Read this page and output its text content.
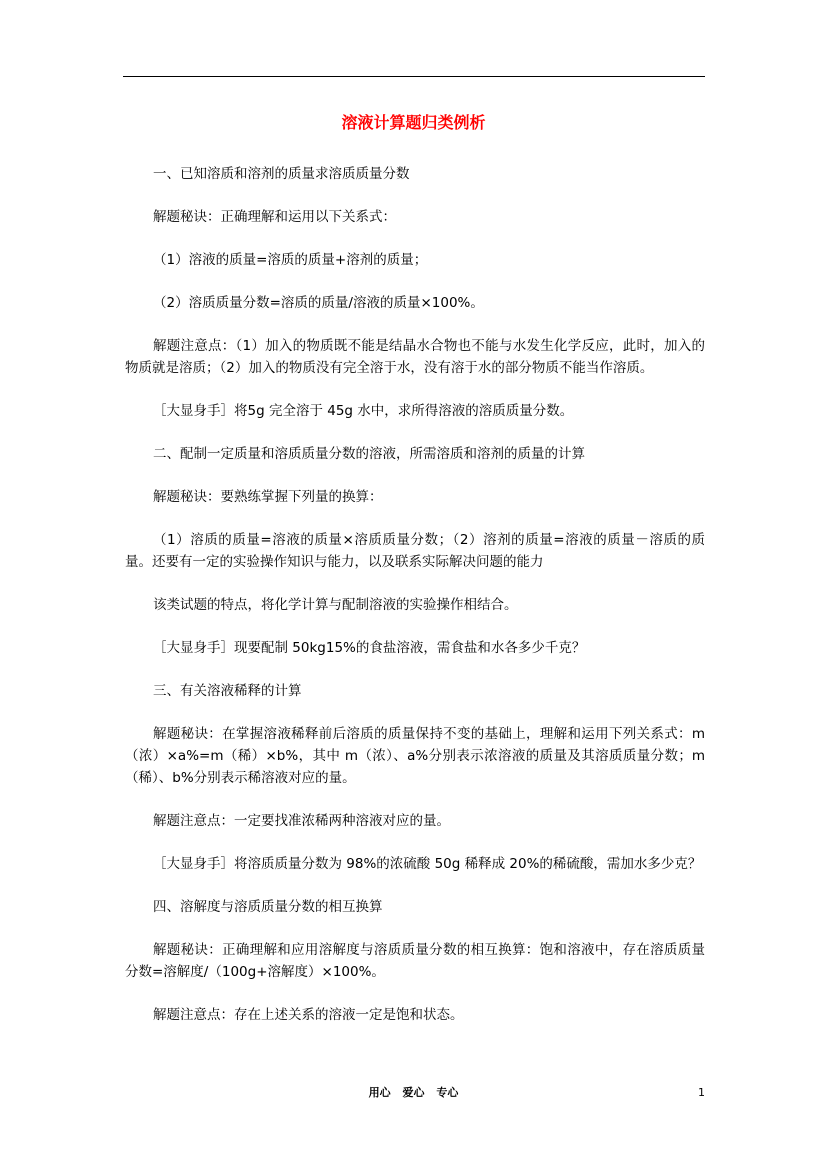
溶液计算题归类例析

一、已知溶质和溶剂的质量求溶质质量分数

解题秘诀：正确理解和运用以下关系式：

（1）溶液的质量=溶质的质量+溶剂的质量；

（2）溶质质量分数=溶质的质量/溶液的质量×100%。

解题注意点：（1）加入的物质既不能是结晶水合物也不能与水发生化学反应，此时，加入的物质就是溶质；（2）加入的物质没有完全溶于水，没有溶于水的部分物质不能当作溶质。

［大显身手］将5g 完全溶于 45g 水中，求所得溶液的溶质质量分数。

二、配制一定质量和溶质质量分数的溶液，所需溶质和溶剂的质量的计算

解题秘诀：要熟练掌握下列量的换算：

（1）溶质的质量=溶液的质量×溶质质量分数；（2）溶剂的质量=溶液的质量－溶质的质量。还要有一定的实验操作知识与能力，以及联系实际解决问题的能力

该类试题的特点，将化学计算与配制溶液的实验操作相结合。

［大显身手］现要配制 50kg15%的食盐溶液，需食盐和水各多少千克？

三、有关溶液稀释的计算

解题秘诀：在掌握溶液稀释前后溶质的质量保持不变的基础上，理解和运用下列关系式：m（浓）×a%=m（稀）×b%，其中 m（浓）、a%分别表示浓溶液的质量及其溶质质量分数；m（稀）、b%分别表示稀溶液对应的量。

解题注意点：一定要找准浓稀两种溶液对应的量。

［大显身手］将溶质质量分数为 98%的浓硫酸 50g 稀释成 20%的稀硫酸，需加水多少克？

四、溶解度与溶质质量分数的相互换算

解题秘诀：正确理解和应用溶解度与溶质质量分数的相互换算：饱和溶液中，存在溶质质量分数=溶解度/（100g+溶解度）×100%。

解题注意点：存在上述关系的溶液一定是饱和状态。

用心 爱心 专心	1
